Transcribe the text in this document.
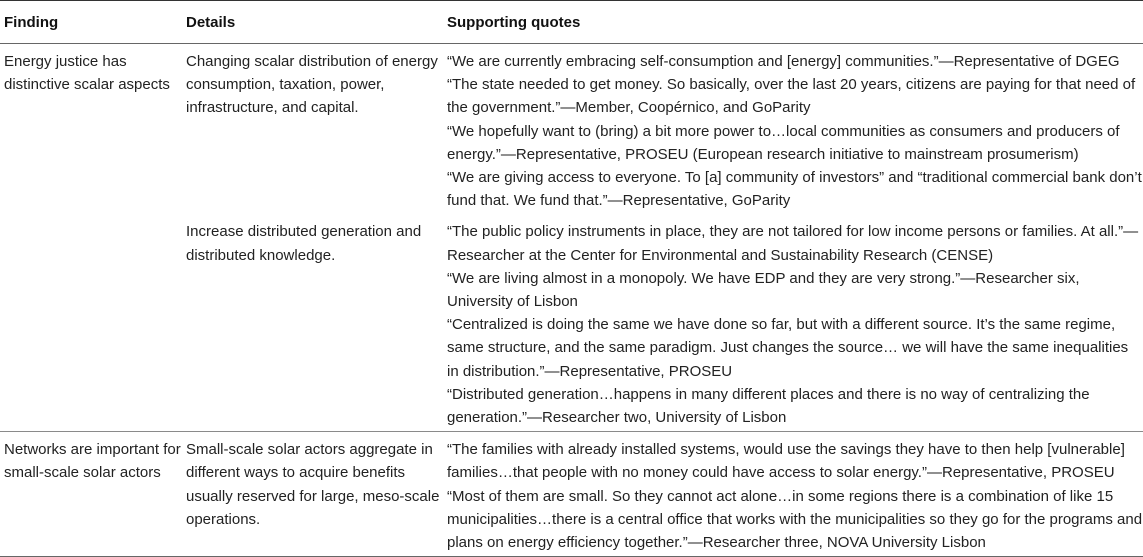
Finding	Details	Supporting quotes
Energy justice has distinctive scalar aspects	Changing scalar distribution of energy consumption, taxation, power, infrastructure, and capital.	“We are currently embracing self-consumption and [energy] communities.”—Representative of DGEG
“The state needed to get money. So basically, over the last 20 years, citizens are paying for that need of the government.”—Member, Coopérnico, and GoParity
“We hopefully want to (bring) a bit more power to…local communities as consumers and producers of energy.”—Representative, PROSEU (European research initiative to mainstream prosumerism)
“We are giving access to everyone. To [a] community of investors” and “traditional commercial bank don’t fund that. We fund that.”—Representative, GoParity

	Increase distributed generation and distributed knowledge.	“The public policy instruments in place, they are not tailored for low income persons or families. At all.”—Researcher at the Center for Environmental and Sustainability Research (CENSE)
“We are living almost in a monopoly. We have EDP and they are very strong.”—Researcher six, University of Lisbon
“Centralized is doing the same we have done so far, but with a different source. It’s the same regime, same structure, and the same paradigm. Just changes the source… we will have the same inequalities in distribution.”—Representative, PROSEU
“Distributed generation…happens in many different places and there is no way of centralizing the generation.”—Researcher two, University of Lisbon

Networks are important for small-scale solar actors	Small-scale solar actors aggregate in different ways to acquire benefits usually reserved for large, meso-scale operations.	“The families with already installed systems, would use the savings they have to then help [vulnerable] families…that people with no money could have access to solar energy.”—Representative, PROSEU
“Most of them are small. So they cannot act alone…in some regions there is a combination of like 15 municipalities…there is a central office that works with the municipalities so they go for the programs and plans on energy efficiency together.”—Researcher three, NOVA University Lisbon
